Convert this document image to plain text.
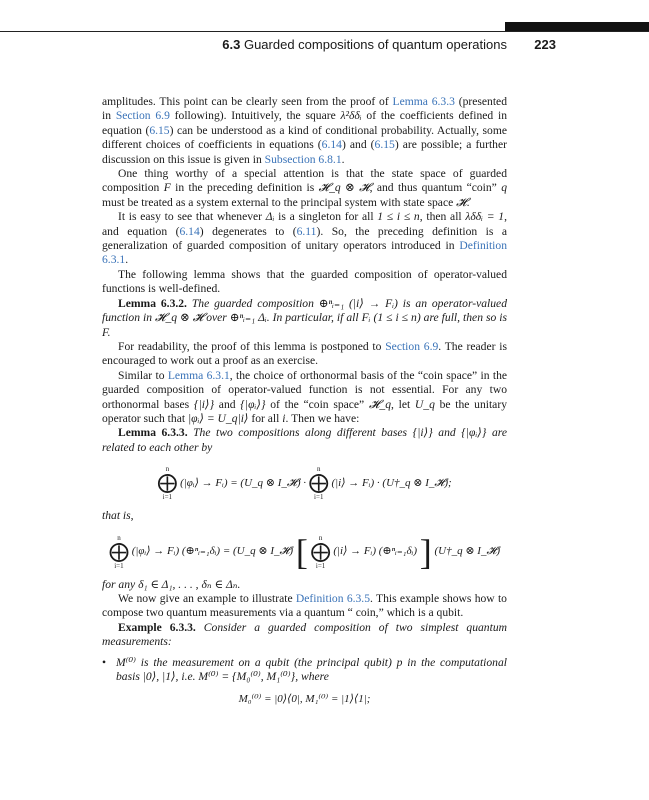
6.3 Guarded compositions of quantum operations 223

amplitudes. This point can be clearly seen from the proof of Lemma 6.3.3 (presented in Section 6.9 following). Intuitively, the square λ²δδᵢ of the coefficients defined in equation (6.15) can be understood as a kind of conditional probability. Actually, some different choices of coefficients in equations (6.14) and (6.15) are possible; a further discussion on this issue is given in Subsection 6.8.1.

One thing worthy of a special attention is that the state space of guarded composition F in the preceding definition is 𝓗_q ⊗ 𝓗, and thus quantum “coin” q must be treated as a system external to the principal system with state space 𝓗.

It is easy to see that whenever Δᵢ is a singleton for all 1 ≤ i ≤ n, then all λδδᵢ = 1, and equation (6.14) degenerates to (6.11). So, the preceding definition is a generalization of guarded composition of unitary operators introduced in Definition 6.3.1.

The following lemma shows that the guarded composition of operator-valued functions is well-defined.

Lemma 6.3.2. The guarded composition ⊕ⁿᵢ₌₁ (|i⟩ → Fᵢ) is an operator-valued function in 𝓗_q ⊗ 𝓗 over ⊕ⁿᵢ₌₁ Δᵢ. In particular, if all Fᵢ (1 ≤ i ≤ n) are full, then so is F.

For readability, the proof of this lemma is postponed to Section 6.9. The reader is encouraged to work out a proof as an exercise.

Similar to Lemma 6.3.1, the choice of orthonormal basis of the “coin space” in the guarded composition of operator-valued function is not essential. For any two orthonormal bases {|i⟩} and {|φᵢ⟩} of the “coin space” 𝓗_q, let U_q be the unitary operator such that |φᵢ⟩ = U_q|i⟩ for all i. Then we have:

Lemma 6.3.3. The two compositions along different bases {|i⟩} and {|φᵢ⟩} are related to each other by

n
⨁
i=1
(|φᵢ⟩ → Fᵢ) = (U_q ⊗ I_𝓗) ·
n
⨁
i=1
(|i⟩ → Fᵢ) · (U†_q ⊗ I_𝓗);

that is,

n
⨁
i=1
(|φᵢ⟩ → Fᵢ) (⊕ⁿᵢ₌₁δᵢ) = (U_q ⊗ I_𝓗) [	n
⨁
i=1
(|i⟩ → Fᵢ) (⊕ⁿᵢ₌₁δᵢ) ] (U†_q ⊗ I_𝓗)

for any δ₁ ∈ Δ₁, . . . , δₙ ∈ Δₙ.

We now give an example to illustrate Definition 6.3.5. This example shows how to compose two quantum measurements via a quantum “ coin,” which is a qubit.

Example 6.3.3. Consider a guarded composition of two simplest quantum measurements:

• M⁽⁰⁾ is the measurement on a qubit (the principal qubit) p in the computational basis |0⟩, |1⟩, i.e. M⁽⁰⁾ = {M₀⁽⁰⁾, M₁⁽⁰⁾}, where
M₀⁽⁰⁾ = |0⟩⟨0|, M₁⁽⁰⁾ = |1⟩⟨1|;
